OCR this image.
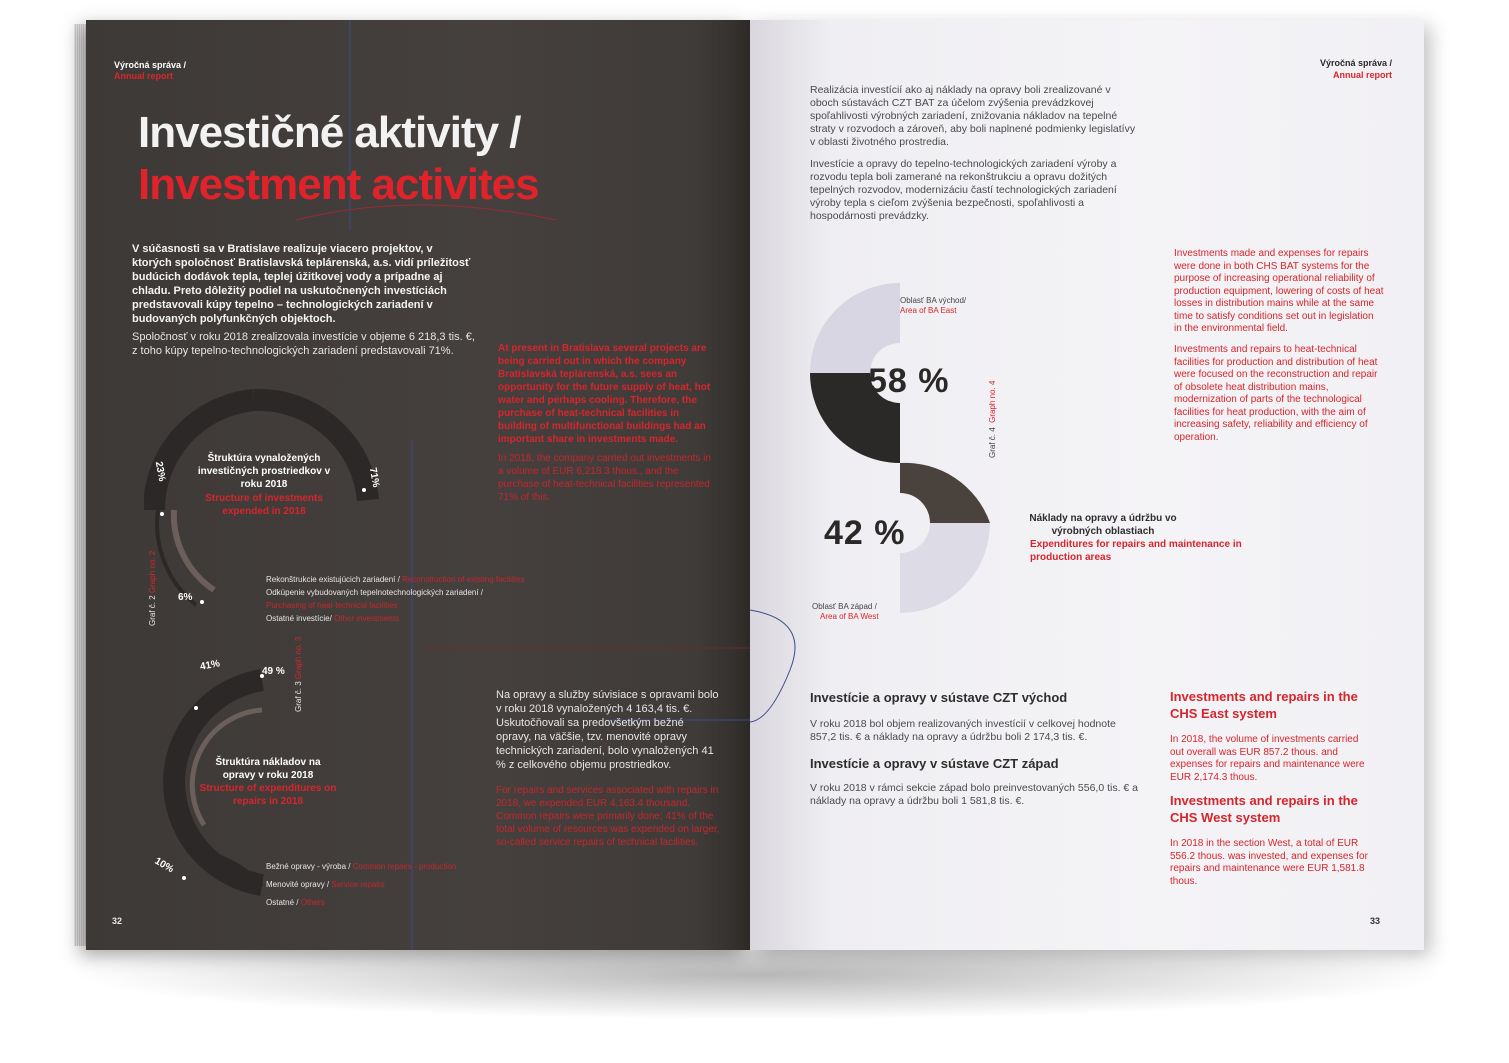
Výročná správa /
Annual report
Investičné aktivity /
Investment activites
V súčasnosti sa v Bratislave realizuje viacero projektov, v ktorých spoločnosť Bratislavská teplárenská, a.s. vidí príležitosť budúcich dodávok tepla, teplej úžitkovej vody a prípadne aj chladu. Preto dôležitý podiel na uskutočnených investíciách predstavovali kúpy tepelno – technologických zariadení v budovaných polyfunkčných objektoch.
Spoločnosť v roku 2018 zrealizovala investície v objeme 6 218,3 tis. €, z toho kúpy tepelno-technologických zariadení predstavovali 71%.	At present in Bratislava several projects are being carried out in which the company Bratislavská teplárenská, a.s. sees an opportunity for the future supply of heat, hot water and perhaps cooling. Therefore, the purchase of heat-technical facilities in building of multifunctional buildings had an important share in investments made.
In 2018, the company carried out investments in a volume of EUR 6,218.3 thous., and the purchase of heat-technical facilities represented 71% of this.
71%
23%
6%
Štruktúra vynaložených investičných prostriedkov v roku 2018
Structure of investments expended in 2018
Graf č. 2 Graph no. 2	Rekonštrukcie existujúcich zariadení / Reconstruction of existing facilities
Odkúpenie vybudovaných tepelnotechnologických zariadení /
Purchasing of heat-technical facilities
Ostatné investície/ Other investments
41%	49 %
10%
Štruktúra nákladov na opravy v roku 2018
Structure of expenditures on repairs in 2018
Graf č. 3 Graph no. 3
Bežné opravy - výroba / Common repairs - production
Menovité opravy / Service repairs
Ostatné / Others
Na opravy a služby súvisiace s opravami bolo v roku 2018 vynaložených 4 163,4 tis. €. Uskutočňovali sa predovšetkým bežné opravy, na väčšie, tzv. menovité opravy technických zariadení, bolo vynaložených 41 % z celkového objemu prostriedkov.
For repairs and services associated with repairs in 2018, we expended EUR 4,163.4 thousand. Common repairs were primarily done; 41% of the total volume of resources was expended on larger, so-called service repairs of technical facilities.
32
Výročná správa /
Annual report
Realizácia investícií ako aj náklady na opravy boli zrealizované v oboch sústavách CZT BAT za účelom zvýšenia prevádzkovej spoľahlivosti výrobných zariadení, znižovania nákladov na tepelné straty v rozvodoch a zároveň, aby boli naplnené podmienky legislatívy v oblasti životného prostredia.
Investície a opravy do tepelno-technologických zariadení výroby a rozvodu tepla boli zamerané na rekonštrukciu a opravu dožitých tepelných rozvodov, modernizáciu častí technologických zariadení výroby tepla s cieľom zvýšenia bezpečnosti, spoľahlivosti a hospodárnosti prevádzky.
Investments made and expenses for repairs were done in both CHS BAT systems for the purpose of increasing operational reliability of production equipment, lowering of costs of heat losses in distribution mains while at the same time to satisfy conditions set out in legislation in the environmental field.
Investments and repairs to heat-technical facilities for production and distribution of heat were focused on the reconstruction and repair of obsolete heat distribution mains, modernization of parts of the technological facilities for heat production, with the aim of increasing safety, reliability and efficiency of operation.
58 %
42 %
Oblasť BA východ/
Area of BA East
Oblasť BA západ /
Area of BA West
Graf č. 4 Graph no. 4
Náklady na opravy a údržbu vo výrobných oblastiach
Expenditures for repairs and maintenance in production areas
Investície a opravy v sústave CZT východ
V roku 2018 bol objem realizovaných investícií v celkovej hodnote 857,2 tis. € a náklady na opravy a údržbu boli 2 174,3 tis. €.
Investície a opravy v sústave CZT západ
V roku 2018 v rámci sekcie západ bolo preinvestovaných 556,0 tis. € a náklady na opravy a údržbu boli 1 581,8 tis. €.
Investments and repairs in the CHS East system
In 2018, the volume of investments carried out overall was EUR 857.2 thous. and expenses for repairs and maintenance were EUR 2,174.3 thous.
Investments and repairs in the CHS West system
In 2018 in the section West, a total of EUR 556.2 thous. was invested, and expenses for repairs and maintenance were EUR 1,581.8 thous.
33
